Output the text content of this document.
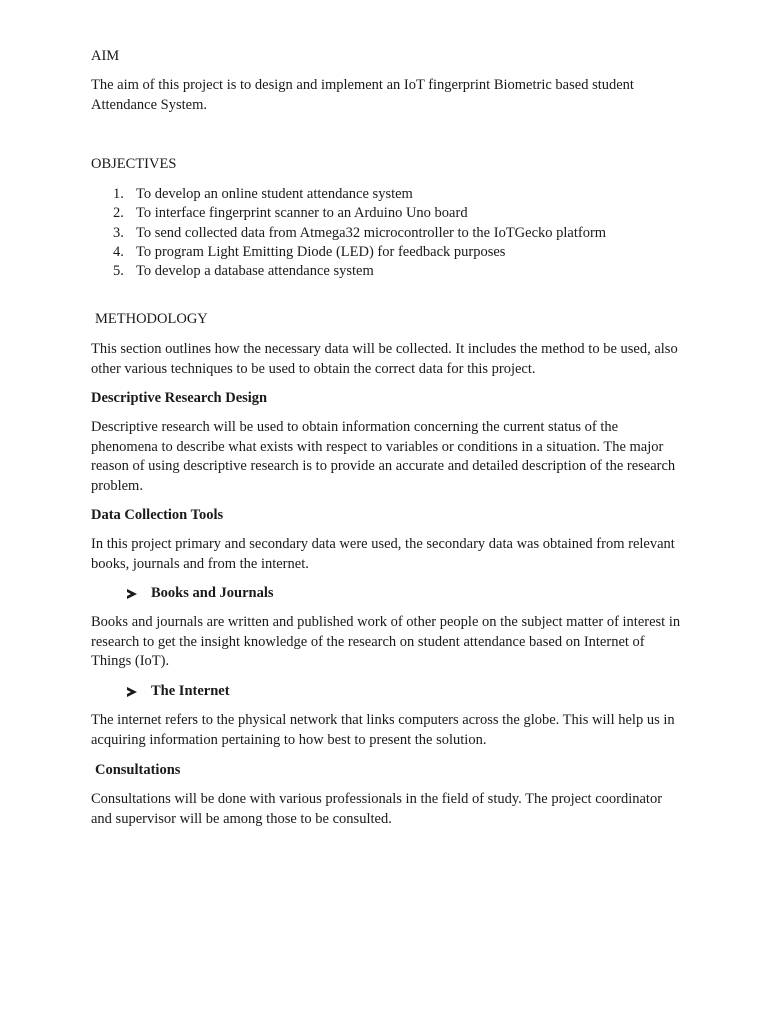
AIM

The aim of this project is to design and implement an IoT fingerprint Biometric based student Attendance System.

OBJECTIVES
1. To develop an online student attendance system
2. To interface fingerprint scanner to an Arduino Uno board
3. To send collected data from Atmega32 microcontroller to the IoTGecko platform
4. To program Light Emitting Diode (LED) for feedback purposes
5. To develop a database attendance system
METHODOLOGY

This section outlines how the necessary data will be collected. It includes the method to be used, also other various techniques to be used to obtain the correct data for this project.

Descriptive Research Design

Descriptive research will be used to obtain information concerning the current status of the phenomena to describe what exists with respect to variables or conditions in a situation. The major reason of using descriptive research is to provide an accurate and detailed description of the research problem.

Data Collection Tools

In this project primary and secondary data were used, the secondary data was obtained from relevant books, journals and from the internet.

Books and Journals

Books and journals are written and published work of other people on the subject matter of interest in research to get the insight knowledge of the research on student attendance based on Internet of Things (IoT).

The Internet

The internet refers to the physical network that links computers across the globe. This will help us in acquiring information pertaining to how best to present the solution.

Consultations

Consultations will be done with various professionals in the field of study. The project coordinator and supervisor will be among those to be consulted.
